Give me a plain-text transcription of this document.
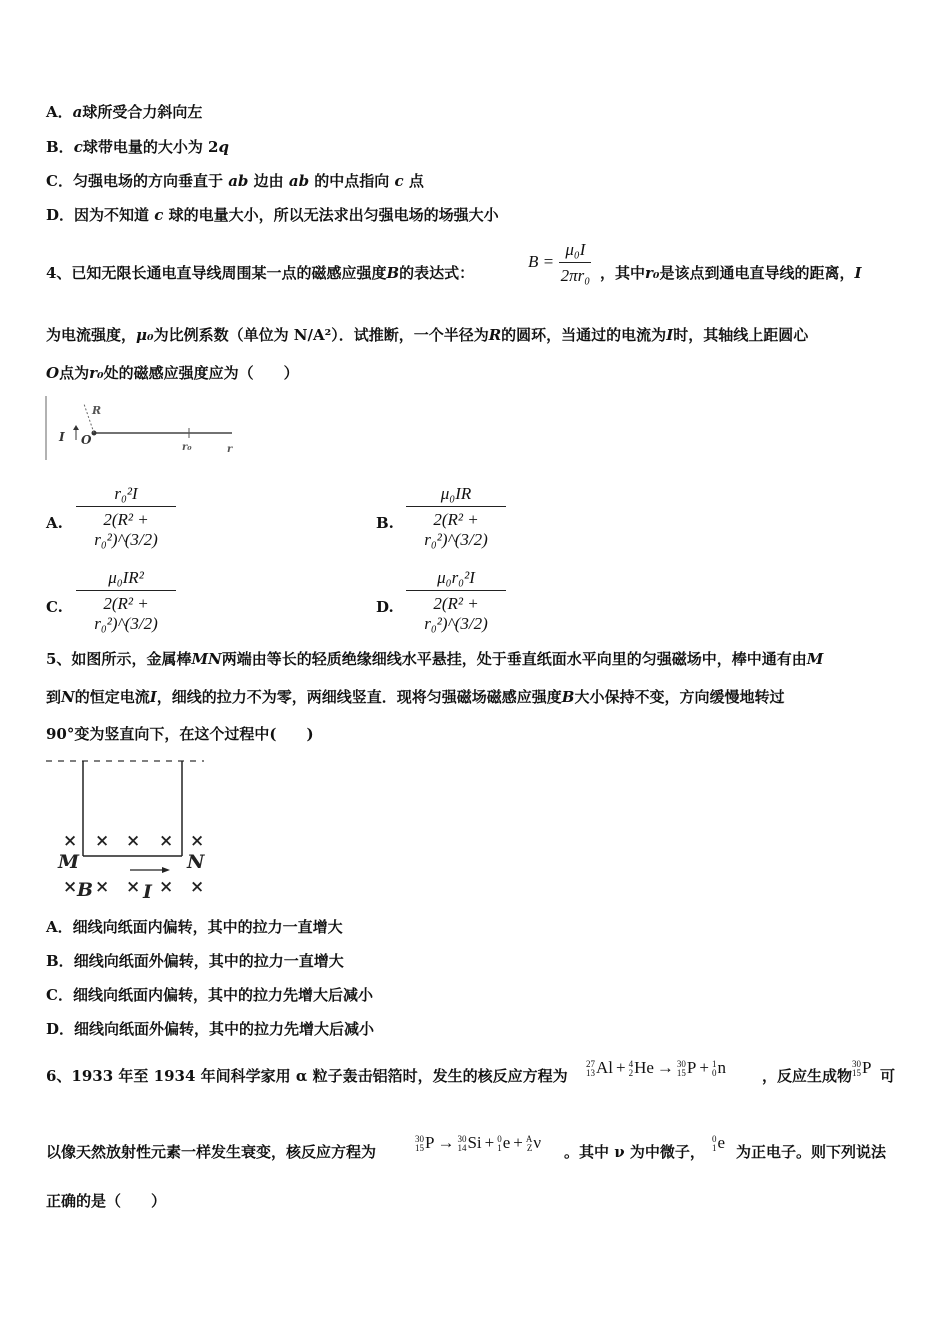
A．a球所受合力斜向左
B．c球带电量的大小为 2q
C．匀强电场的方向垂直于 ab 边由 ab 的中点指向 c 点
D．因为不知道 c 球的电量大小，所以无法求出匀强电场的场强大小
4、已知无限长通电直导线周围某一点的磁感应强度B的表达式：
$B = \frac{\text{μ₀I}}{\text{2πr₀}}$ ，其中r₀是该点到通电直导线的距离，I
为电流强度，μ₀为比例系数（单位为 N/A²）．试推断，一个半径为R的圆环，当通过的电流为I时，其轴线上距圆心
O点为r₀处的磁感应强度应为（　　）
I O
R
r₀	r
A. $\frac{\text{r₀²I}}{\text{2(R² + r₀²)\textasciicircum{}(3/2)}}$	B. $\frac{\text{μ₀IR}}{\text{2(R² + r₀²)\textasciicircum{}(3/2)}}$
C. $\frac{\text{μ₀IR²}}{\text{2(R² + r₀²)\textasciicircum{}(3/2)}}$	D. $\frac{\text{μ₀r₀²I}}{\text{2(R² + r₀²)\textasciicircum{}(3/2)}}$
5、如图所示，金属棒MN两端由等长的轻质绝缘细线水平悬挂，处于垂直纸面水平向里的匀强磁场中，棒中通有由M
到N的恒定电流I，细线的拉力不为零，两细线竖直．现将匀强磁场磁感应强度B大小保持不变，方向缓慢地转过
90°变为竖直向下，在这个过程中(　　)
× × × × ×
× × × × ×
M	N
B	I
A．细线向纸面内偏转，其中的拉力一直增大
B．细线向纸面外偏转，其中的拉力一直增大
C．细线向纸面内偏转，其中的拉力先增大后减小
D．细线向纸面外偏转，其中的拉力先增大后减小
6、1933 年至 1934 年间科学家用 α 粒子轰击铝箔时，发生的核反应方程为
27
13 Al + 4
2 He → 30
15 P + 1
0 n ，反应生成物
30
15 P 可
以像天然放射性元素一样发生衰变，核反应方程为
30
15 P → 30
14 Si + 0
1 e + A
Z ν 。其中 ν 为中微子，
0
1 e 为正电子。则下列说法
正确的是（　　）
